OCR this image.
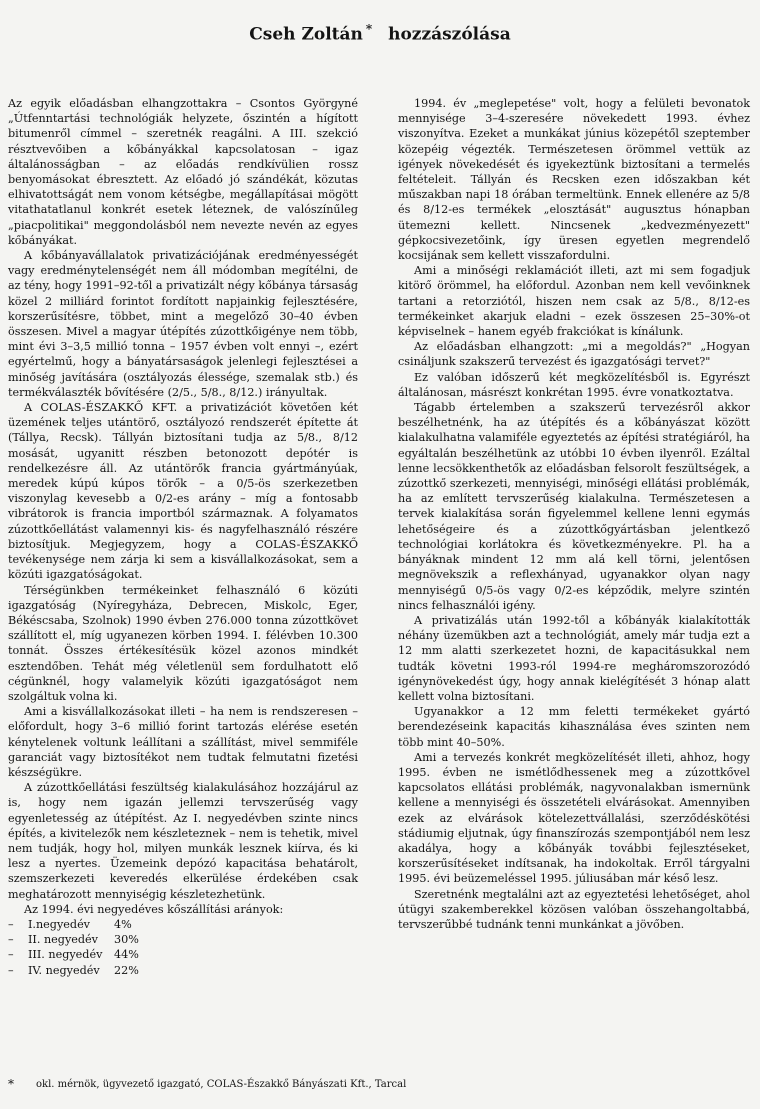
Cseh Zoltán * hozzászólása

Az egyik előadásban elhangzottakra – Csontos Györgyné „Útfenntartási technológiák helyzete, őszintén a hígított bitumenről címmel – szeretnék reagálni. A III. szekció résztvevőiben a kőbányákkal kapcsolatosan – igaz általánosságban – az előadás rendkívülien rossz benyomásokat ébresztett. Az előadó jó szándékát, közutas elhivatottságát nem vonom kétségbe, megállapításai mögött vitathatatlanul konkrét esetek léteznek, de valószínűleg „piacpolitikai" meggondolásból nem nevezte nevén az egyes kőbányákat.

A kőbányavállalatok privatizációjának eredményességét vagy eredménytelenségét nem áll módomban megítélni, de az tény, hogy 1991–92-től a privatizált négy kőbánya társaság közel 2 milliárd forintot fordított napjainkig fejlesztésére, korszerűsítésre, többet, mint a megelőző 30–40 évben összesen. Mivel a magyar útépítés zúzottkőigénye nem több, mint évi 3–3,5 millió tonna – 1957 évben volt ennyi –, ezért egyértelmű, hogy a bányatársaságok jelenlegi fejlesztései a minőség javítására (osztályozás élessége, szemalak stb.) és termékválaszték bővítésére (2/5., 5/8., 8/12.) irányultak.

A COLAS-ÉSZAKKŐ KFT. a privatizációt követően két üzemének teljes utántörő, osztályozó rendszerét építette át (Tállya, Recsk). Tállyán biztosítani tudja az 5/8., 8/12 mosását, ugyanitt részben betonozott depótér is rendelkezésre áll. Az utántörők francia gyártmányúak, meredek kúpú kúpos törők – a 0/5-ös szerkezetben viszonylag kevesebb a 0/2-es arány – míg a fontosabb vibrátorok is francia importból származnak. A folyamatos zúzottkőellátást valamennyi kis- és nagyfelhasználó részére biztosítjuk. Megjegyzem, hogy a COLAS-ÉSZAKKŐ tevékenysége nem zárja ki sem a kisvállalkozásokat, sem a közúti igazgatóságokat.

Térségünkben termékeinket felhasználó 6 közúti igazgatóság (Nyíregyháza, Debrecen, Miskolc, Eger, Békéscsaba, Szolnok) 1990 évben 276.000 tonna zúzottkövet szállított el, míg ugyanezen körben 1994. I. félévben 10.300 tonnát. Összes értékesítésük közel azonos mindkét esztendőben. Tehát még véletlenül sem fordulhatott elő cégünknél, hogy valamelyik közúti igazgatóságot nem szolgáltuk volna ki.

Ami a kisvállalkozásokat illeti – ha nem is rendszeresen – előfordult, hogy 3–6 millió forint tartozás elérése esetén kénytelenek voltunk leállítani a szállítást, mivel semmiféle garanciát vagy biztosítékot nem tudtak felmutatni fizetési készségükre.

A zúzottkőellátási feszültség kialakulásához hozzájárul az is, hogy nem igazán jellemzi tervszerűség vagy egyenletesség az útépítést. Az I. negyedévben szinte nincs építés, a kivitelezők nem készleteznek – nem is tehetik, mivel nem tudják, hogy hol, milyen munkák lesznek kiírva, és ki lesz a nyertes. Üzemeink depózó kapacitása behatárolt, szemszerkezeti keveredés elkerülése érdekében csak meghatározott mennyiségig készletezhetünk.

Az 1994. évi negyedéves kőszállítási arányok:

–	I.negyedév	4%
–	II. negyedév	30%
–	III. negyedév	44%
–	IV. negyedév	22%

1994. év „meglepetése" volt, hogy a felületi bevonatok mennyisége 3–4-szeresére növekedett 1993. évhez viszonyítva. Ezeket a munkákat június közepétől szeptember közepéig végezték. Természetesen örömmel vettük az igények növekedését és igyekeztünk biztosítani a termelés feltételeit. Tállyán és Recsken ezen időszakban két műszakban napi 18 órában termeltünk. Ennek ellenére az 5/8 és 8/12-es termékek „elosztását" augusztus hónapban ütemezni kellett. Nincsenek „kedvezményezett" gépkocsivezetőink, így üresen egyetlen megrendelő kocsijának sem kellett visszafordulni.

Ami a minőségi reklamációt illeti, azt mi sem fogadjuk kitörő örömmel, ha előfordul. Azonban nem kell vevőinknek tartani a retorziótól, hiszen nem csak az 5/8., 8/12-es termékeinket akarjuk eladni – ezek összesen 25–30%-ot képviselnek – hanem egyéb frakciókat is kínálunk.

Az előadásban elhangzott: „mi a megoldás?" „Hogyan csináljunk szakszerű tervezést és igazgatósági tervet?"

Ez valóban időszerű két megközelítésből is. Egyrészt általánosan, másrészt konkrétan 1995. évre vonatkoztatva.

Tágabb értelemben a szakszerű tervezésről akkor beszélhetnénk, ha az útépítés és a kőbányászat között kialakulhatna valamiféle egyeztetés az építési stratégiáról, ha egyáltalán beszélhetünk az utóbbi 10 évben ilyenről. Ezáltal lenne lecsökkenthetők az előadásban felsorolt feszültségek, a zúzottkő szerkezeti, mennyiségi, minőségi ellátási problémák, ha az említett tervszerűség kialakulna. Természetesen a tervek kialakítása során figyelemmel kellene lenni egymás lehetőségeire és a zúzottkőgyártásban jelentkező technológiai korlátokra és következményekre. Pl. ha a bányáknak mindent 12 mm alá kell törni, jelentősen megnövekszik a reflexhányad, ugyanakkor olyan nagy mennyiségű 0/5-ös vagy 0/2-es képződik, melyre szintén nincs felhasználói igény.

A privatizálás után 1992-től a kőbányák kialakították néhány üzemükben azt a technológiát, amely már tudja ezt a 12 mm alatti szerkezetet hozni, de kapacitásukkal nem tudták követni 1993-ról 1994-re megháromszorozódó igénynövekedést úgy, hogy annak kielégítését 3 hónap alatt kellett volna biztosítani.

Ugyanakkor a 12 mm feletti termékeket gyártó berendezéseink kapacitás kihasználása éves szinten nem több mint 40–50%.

Ami a tervezés konkrét megközelítését illeti, ahhoz, hogy 1995. évben ne ismétlődhessenek meg a zúzottkővel kapcsolatos ellátási problémák, nagyvonalakban ismernünk kellene a mennyiségi és összetételi elvárásokat. Amennyiben ezek az elvárások kötelezettvállalási, szerződéskötési stádiumig eljutnak, úgy finanszírozás szempontjából nem lesz akadálya, hogy a kőbányák további fejlesztéseket, korszerűsítéseket indítsanak, ha indokoltak. Erről tárgyalni 1995. évi beüzemeléssel 1995. júliusában már késő lesz.

Szeretnénk megtalálni azt az egyeztetési lehetőséget, ahol útügyi szakemberekkel közösen valóban összehangoltabbá, tervszerűbbé tudnánk tenni munkánkat a jövőben.

* okl. mérnök, ügyvezető igazgató, COLAS-Északkő Bányászati Kft., Tarcal
